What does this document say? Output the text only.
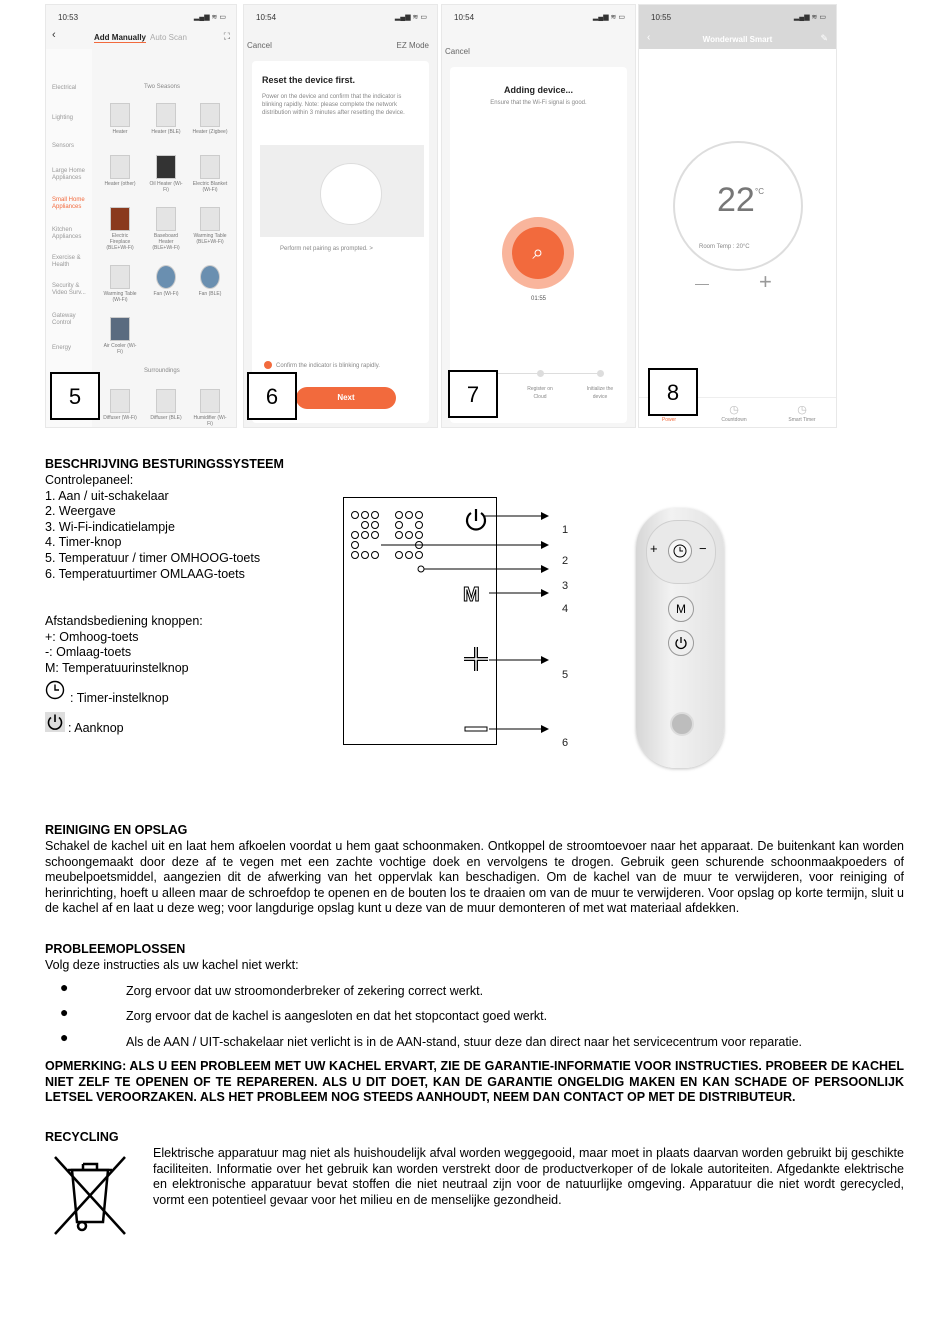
10:53	▂▄▆ ≋ ▭
‹	Add Manually Auto Scan	⛶
Electrical
Lighting
Sensors
Large Home Appliances
Small Home Appliances
Kitchen Appliances
Exercise & Health
Security & Video Surv...
Gateway Control
Energy
Two Seasons
Heater	Heater (BLE)	Heater (Zigbee)
Heater (other)	Oil Heater (Wi-Fi)
Electric Blanket (Wi-Fi)
Electric Fireplace (BLE+Wi-Fi)
Baseboard Heater (BLE+Wi-Fi)
Warming Table (BLE+Wi-Fi)
Warming Table (Wi-Fi)
Fan (Wi-Fi)	Fan (BLE)
Air Cooler (Wi-Fi)
Surroundings
Diffuser (Wi-Fi)	Diffuser (BLE)	Humidifier (Wi-Fi)
5
10:54	▂▄▆ ≋ ▭
Cancel	EZ Mode
Reset the device first.
Power on the device and confirm that the indicator is blinking rapidly. Note: please complete the network distribution within 3 minutes after resetting the device.
Perform net pairing as prompted. >
Confirm the indicator is blinking rapidly.
Next
6
10:54	▂▄▆ ≋ ▭
Cancel
Adding device...
Ensure that the Wi-Fi signal is good.
⌕
01:55
Register on Cloud
Initialize the device
7
10:55	▂▄▆ ≋ ▭
‹	Wonderwall Smart	✎
22 °C
Room Temp : 20°C
— +
Power
◷
Countdown
◷
Smart Timer
8
BESCHRIJVING BESTURINGSSYSTEEM
Controlepaneel:
1. Aan / uit-schakelaar
2. Weergave
3. Wi-Fi-indicatielampje
4. Timer-knop
5. Temperatuur / timer OMHOOG-toets
6. Temperatuurtimer OMLAAG-toets
Afstandsbediening knoppen:
+: Omhoog-toets
-: Omlaag-toets
M: Temperatuurinstelknop
: Timer-instelknop
: Aanknop
M
1
2
3
4
5
6
+	−
M
REINIGING EN OPSLAG
Schakel de kachel uit en laat hem afkoelen voordat u hem gaat schoonmaken. Ontkoppel de stroomtoevoer naar het apparaat. De buitenkant kan worden schoongemaakt door deze af te vegen met een zachte vochtige doek en vervolgens te drogen. Gebruik geen schurende schoonmaakpoeders of meubelpoetsmiddel, aangezien dit de afwerking van het oppervlak kan beschadigen. Om de kachel van de muur te verwijderen, voor reiniging of herinrichting, hoeft u alleen maar de schroefdop te openen en de bouten los te draaien om van de muur te verwijderen. Voor opslag op korte termijn, sluit u de kachel af en laat u deze weg; voor langdurige opslag kunt u deze van de muur demonteren of met wat materiaal afdekken.
PROBLEEMOPLOSSEN
Volg deze instructies als uw kachel niet werkt:
●	Zorg ervoor dat uw stroomonderbreker of zekering correct werkt.
●	Zorg ervoor dat de kachel is aangesloten en dat het stopcontact goed werkt.
●	Als de AAN / UIT-schakelaar niet verlicht is in de AAN-stand, stuur deze dan direct naar het servicecentrum voor reparatie.
OPMERKING: ALS U EEN PROBLEEM MET UW KACHEL ERVART, ZIE DE GARANTIE-INFORMATIE VOOR INSTRUCTIES. PROBEER DE KACHEL NIET ZELF TE OPENEN OF TE REPAREREN. ALS U DIT DOET, KAN DE GARANTIE ONGELDIG MAKEN EN KAN SCHADE OF PERSOONLIJK LETSEL VEROORZAKEN. ALS HET PROBLEEM NOG STEEDS AANHOUDT, NEEM DAN CONTACT OP MET DE DISTRIBUTEUR.
RECYCLING
Elektrische apparatuur mag niet als huishoudelijk afval worden weggegooid, maar moet in plaats daarvan worden gebruikt bij geschikte faciliteiten. Informatie over het gebruik kan worden verstrekt door de productverkoper of de lokale autoriteiten. Afgedankte elektrische en elektronische apparatuur bevat stoffen die niet neutraal zijn voor de natuurlijke omgeving. Apparatuur die niet wordt gerecycled, vormt een potentieel gevaar voor het milieu en de menselijke gezondheid.
